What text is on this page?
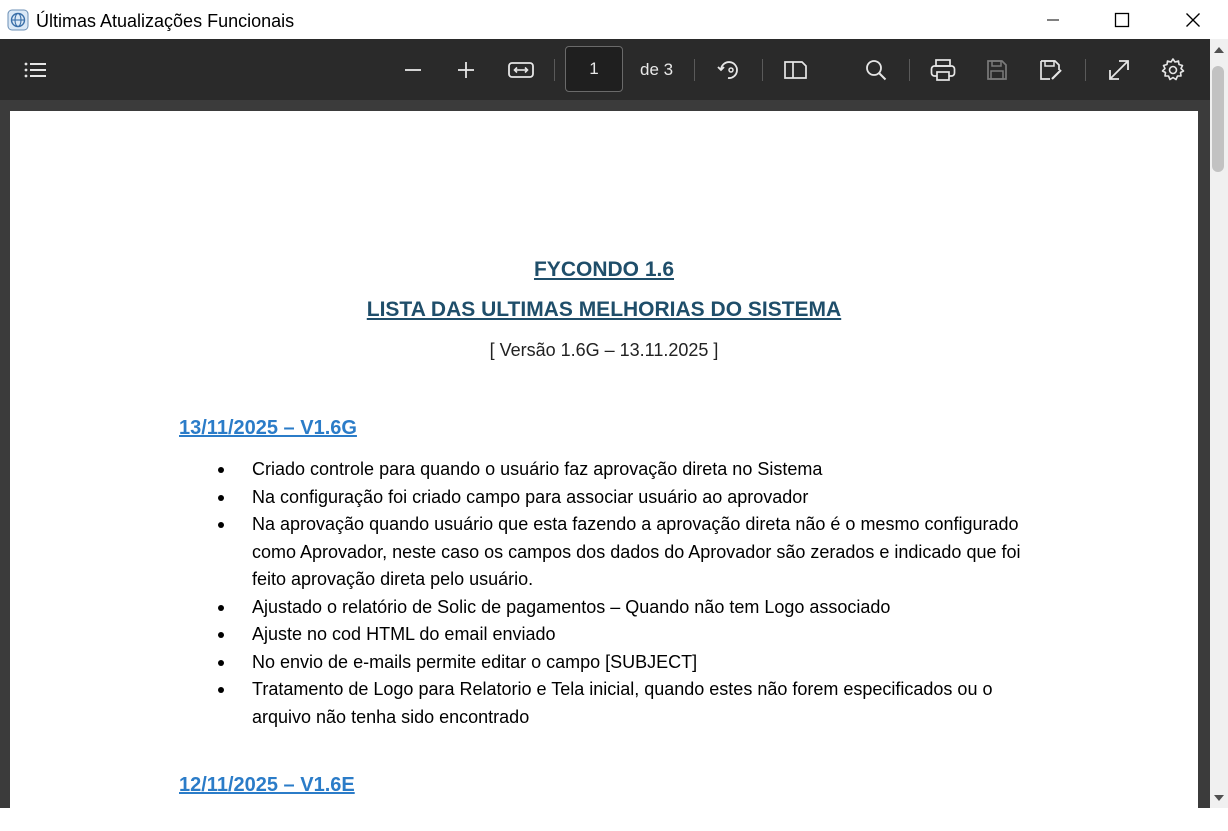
Últimas Atualizações Funcionais
1
de 3
FYCONDO 1.6
LISTA DAS ULTIMAS MELHORIAS DO SISTEMA
[ Versão 1.6G – 13.11.2025 ]
13/11/2025 – V1.6G
Criado controle para quando o usuário faz aprovação direta no Sistema
Na configuração foi criado campo para associar usuário ao aprovador
Na aprovação quando usuário que esta fazendo a aprovação direta não é o mesmo configurado como Aprovador, neste caso os campos dos dados do Aprovador são zerados e indicado que foi feito aprovação direta pelo usuário.
Ajustado o relatório de Solic de pagamentos – Quando não tem Logo associado
Ajuste no cod HTML do email enviado
No envio de e-mails permite editar o campo [SUBJECT]
Tratamento de Logo para Relatorio e Tela inicial, quando estes não forem especificados ou o arquivo não tenha sido encontrado
12/11/2025 – V1.6E
